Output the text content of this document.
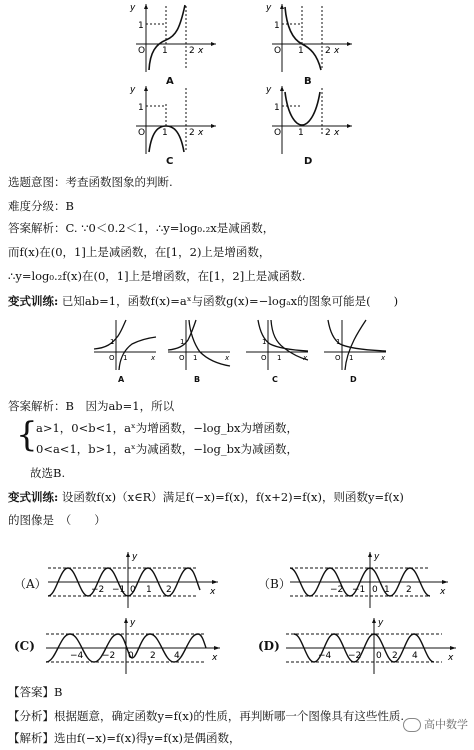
1
O 1 2 x
y
A
1
O 1 2 x
y
B
1
O 1 2 x
y
C
1
O 1 2 x
y
D
选题意图：考查函数图象的判断.
难度分级：B
答案解析：C. ∵0＜0.2＜1，∴y=log₀.₂x是减函数，
而f(x)在(0，1]上是减函数，在[1，2)上是增函数，
∴y=log₀.₂f(x)在(0，1]上是增函数，在[1，2]上是减函数.
变式训练: 已知ab=1，函数f(x)=aˣ与函数g(x)=−logₐx的图象可能是(　　)
O 1	x
1
A
O 1	x
1
B
O 1	x
1
C
O 1	x
1
D
答案解析：B　因为ab=1，所以
{
a>1，0<b<1，aˣ为增函数，−log_bx为增函数，
0<a<1，b>1，aˣ为减函数，−log_bx为减函数，
故选B.
变式训练: 设函数f(x)（x∈R）满足f(−x)=f(x)，f(x+2)=f(x)，则函数y=f(x)
的图像是　（　　）
（A）	−2 −1 0 1 2	x
y
（B）	−2 −1 0 1 2	x
y
(C)
−4 −2 0 2 4	x
y
(D)
−4 −2 0 2 4	x
y
【答案】B
【分析】根据题意，确定函数y=f(x)的性质，再判断哪一个图像具有这些性质.
【解析】选由f(−x)=f(x)得y=f(x)是偶函数，
高中数学
